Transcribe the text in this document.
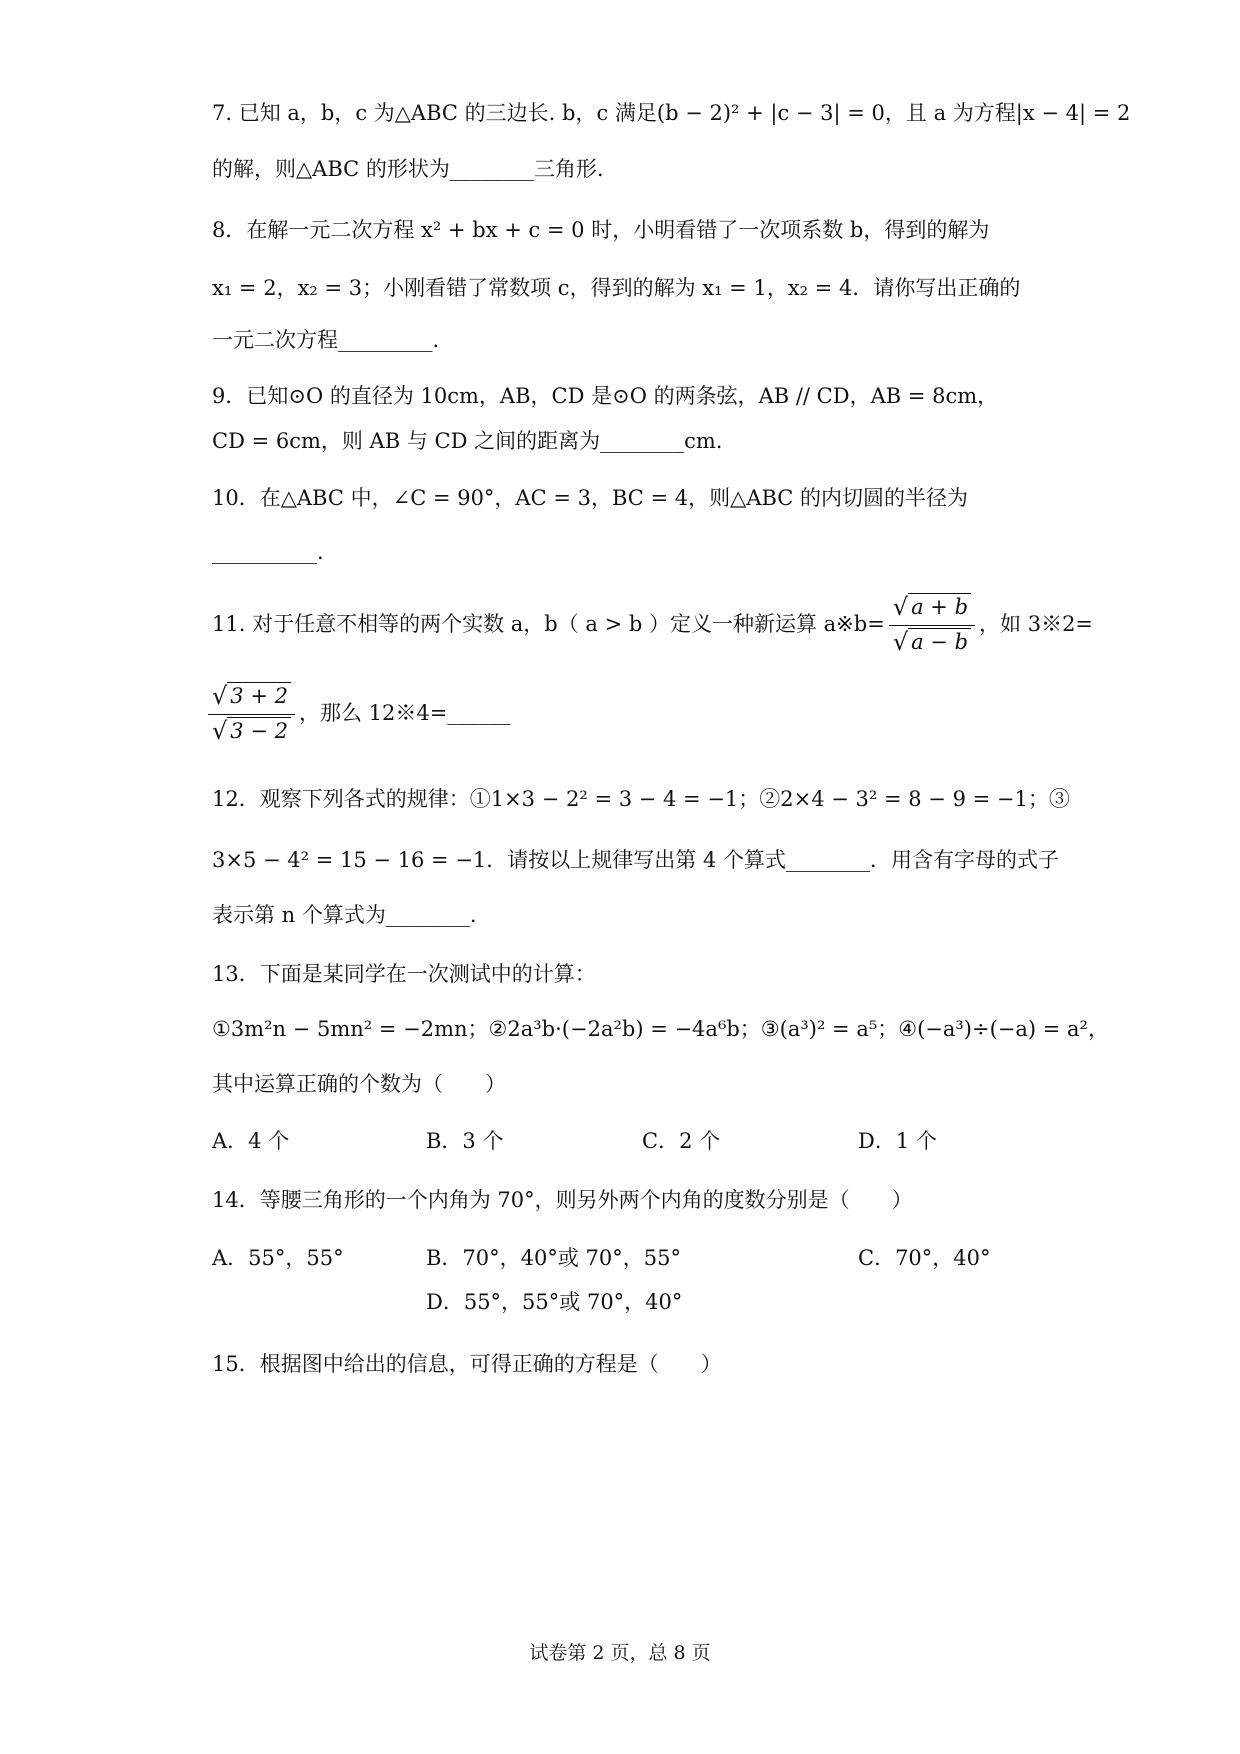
7. 已知 a，b，c 为△ABC 的三边长. b，c 满足(b − 2)² + |c − 3| = 0，且 a 为方程|x − 4| = 2
的解，则△ABC 的形状为________三角形.
8．在解一元二次方程 x² + bx + c = 0 时，小明看错了一次项系数 b，得到的解为
x₁ = 2，x₂ = 3；小刚看错了常数项 c，得到的解为 x₁ = 1，x₂ = 4．请你写出正确的
一元二次方程_________.
9．已知⊙O 的直径为 10cm，AB，CD 是⊙O 的两条弦，AB // CD，AB = 8cm，
CD = 6cm，则 AB 与 CD 之间的距离为________cm.
10．在△ABC 中，∠C = 90°，AC = 3，BC = 4，则△ABC 的内切圆的半径为
__________.
11. 对于任意不相等的两个实数 a，b（ a > b ）定义一种新运算 a※b= $\frac{√ a + b}{√ a - b}$ ，如 3※2=
$\frac{√ 3 + 2}{√ 3 - 2}$ ，那么 12※4=______
12．观察下列各式的规律：①1×3 − 2² = 3 − 4 = −1；②2×4 − 3² = 8 − 9 = −1；③
3×5 − 4² = 15 − 16 = −1．请按以上规律写出第 4 个算式________．用含有字母的式子
表示第 n 个算式为________.
13．下面是某同学在一次测试中的计算：
①3m²n − 5mn² = −2mn；②2a³b·(−2a²b) = −4a⁶b；③(a³)² = a⁵；④(−a³)÷(−a) = a²，
其中运算正确的个数为（　　）
A．4 个	B．3 个	C．2 个	D．1 个
14．等腰三角形的一个内角为 70°，则另外两个内角的度数分别是（　　）
A．55°，55°	B．70°，40°或 70°，55°	C．70°，40°
D．55°，55°或 70°，40°
15．根据图中给出的信息，可得正确的方程是（　　）
试卷第 2 页，总 8 页
